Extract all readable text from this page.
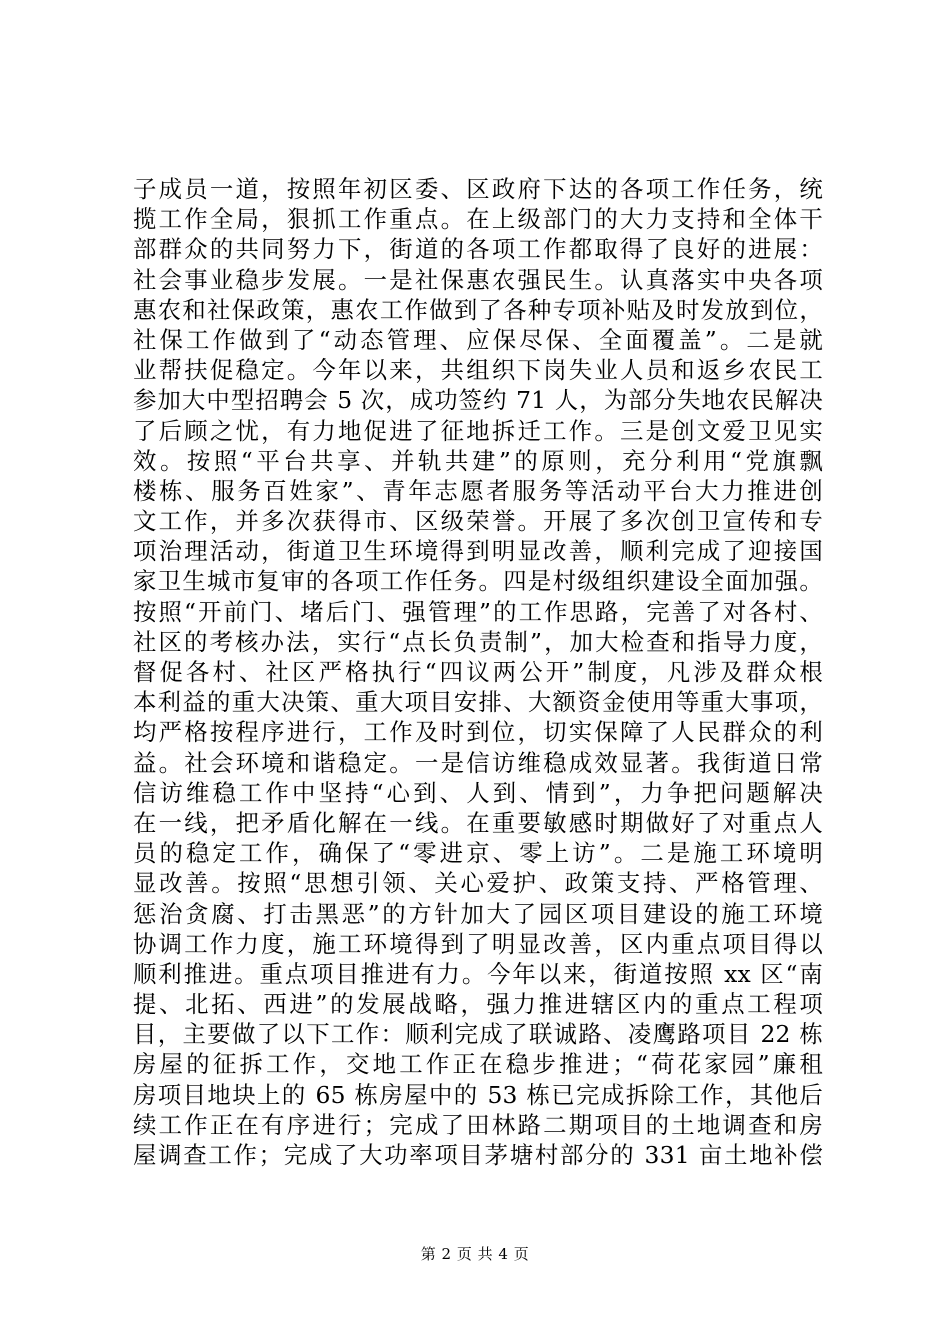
子成员一道，按照年初区委、区政府下达的各项工作任务，统
揽工作全局，狠抓工作重点。在上级部门的大力支持和全体干
部群众的共同努力下，街道的各项工作都取得了良好的进展：
社会事业稳步发展。一是社保惠农强民生。认真落实中央各项
惠农和社保政策，惠农工作做到了各种专项补贴及时发放到位，
社保工作做到了“动态管理、应保尽保、全面覆盖”。二是就
业帮扶促稳定。今年以来，共组织下岗失业人员和返乡农民工
参加大中型招聘会 5 次，成功签约 71 人，为部分失地农民解决
了后顾之忧，有力地促进了征地拆迁工作。三是创文爱卫见实
效。按照“平台共享、并轨共建”的原则，充分利用“党旗飘
楼栋、服务百姓家”、青年志愿者服务等活动平台大力推进创
文工作，并多次获得市、区级荣誉。开展了多次创卫宣传和专
项治理活动，街道卫生环境得到明显改善，顺利完成了迎接国
家卫生城市复审的各项工作任务。四是村级组织建设全面加强。
按照“开前门、堵后门、强管理”的工作思路，完善了对各村、
社区的考核办法，实行“点长负责制”，加大检查和指导力度，
督促各村、社区严格执行“四议两公开”制度，凡涉及群众根
本利益的重大决策、重大项目安排、大额资金使用等重大事项，
均严格按程序进行，工作及时到位，切实保障了人民群众的利
益。社会环境和谐稳定。一是信访维稳成效显著。我街道日常
信访维稳工作中坚持“心到、人到、情到”，力争把问题解决
在一线，把矛盾化解在一线。在重要敏感时期做好了对重点人
员的稳定工作，确保了“零进京、零上访”。二是施工环境明
显改善。按照“思想引领、关心爱护、政策支持、严格管理、
惩治贪腐、打击黑恶”的方针加大了园区项目建设的施工环境
协调工作力度，施工环境得到了明显改善，区内重点项目得以
顺利推进。重点项目推进有力。今年以来，街道按照 xx 区“南
提、北拓、西进”的发展战略，强力推进辖区内的重点工程项
目，主要做了以下工作：顺利完成了联诚路、凌鹰路项目 22 栋
房屋的征拆工作，交地工作正在稳步推进；“荷花家园”廉租
房项目地块上的 65 栋房屋中的 53 栋已完成拆除工作，其他后
续工作正在有序进行；完成了田林路二期项目的土地调查和房
屋调查工作；完成了大功率项目茅塘村部分的 331 亩土地补偿
第 2 页 共 4 页
